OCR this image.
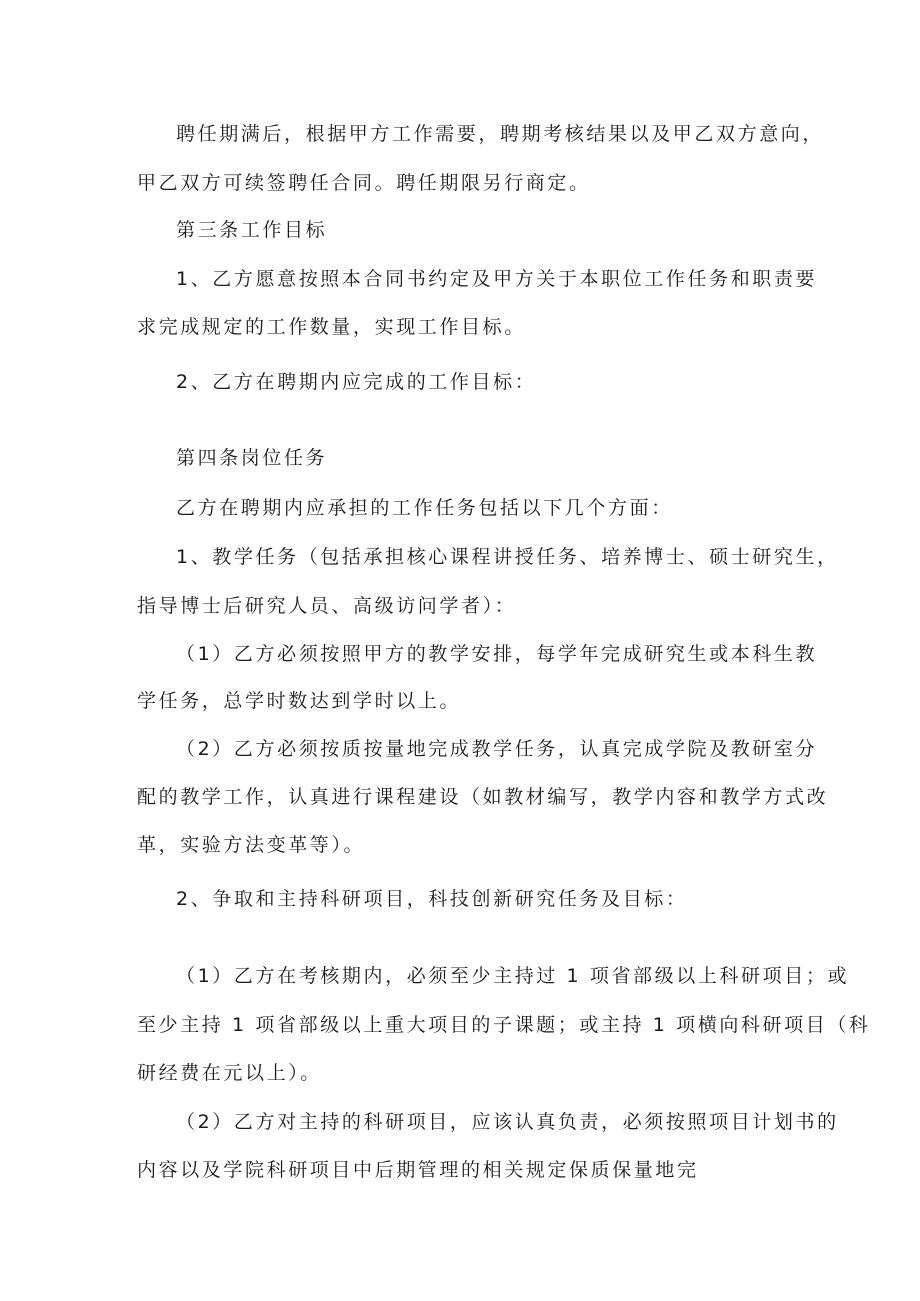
聘任期满后，根据甲方工作需要，聘期考核结果以及甲乙双方意向，
甲乙双方可续签聘任合同。聘任期限另行商定。
第三条工作目标
1、乙方愿意按照本合同书约定及甲方关于本职位工作任务和职责要
求完成规定的工作数量，实现工作目标。
2、乙方在聘期内应完成的工作目标：
第四条岗位任务
乙方在聘期内应承担的工作任务包括以下几个方面：
1、教学任务（包括承担核心课程讲授任务、培养博士、硕士研究生，
指导博士后研究人员、高级访问学者）：
（1）乙方必须按照甲方的教学安排，每学年完成研究生或本科生教
学任务，总学时数达到学时以上。
（2）乙方必须按质按量地完成教学任务，认真完成学院及教研室分
配的教学工作，认真进行课程建设（如教材编写，教学内容和教学方式改
革，实验方法变革等）。
2、争取和主持科研项目，科技创新研究任务及目标：
（1）乙方在考核期内，必须至少主持过 1 项省部级以上科研项目；或
至少主持 1 项省部级以上重大项目的子课题；或主持 1 项横向科研项目（科
研经费在元以上）。
（2）乙方对主持的科研项目，应该认真负责，必须按照项目计划书的
内容以及学院科研项目中后期管理的相关规定保质保量地完
